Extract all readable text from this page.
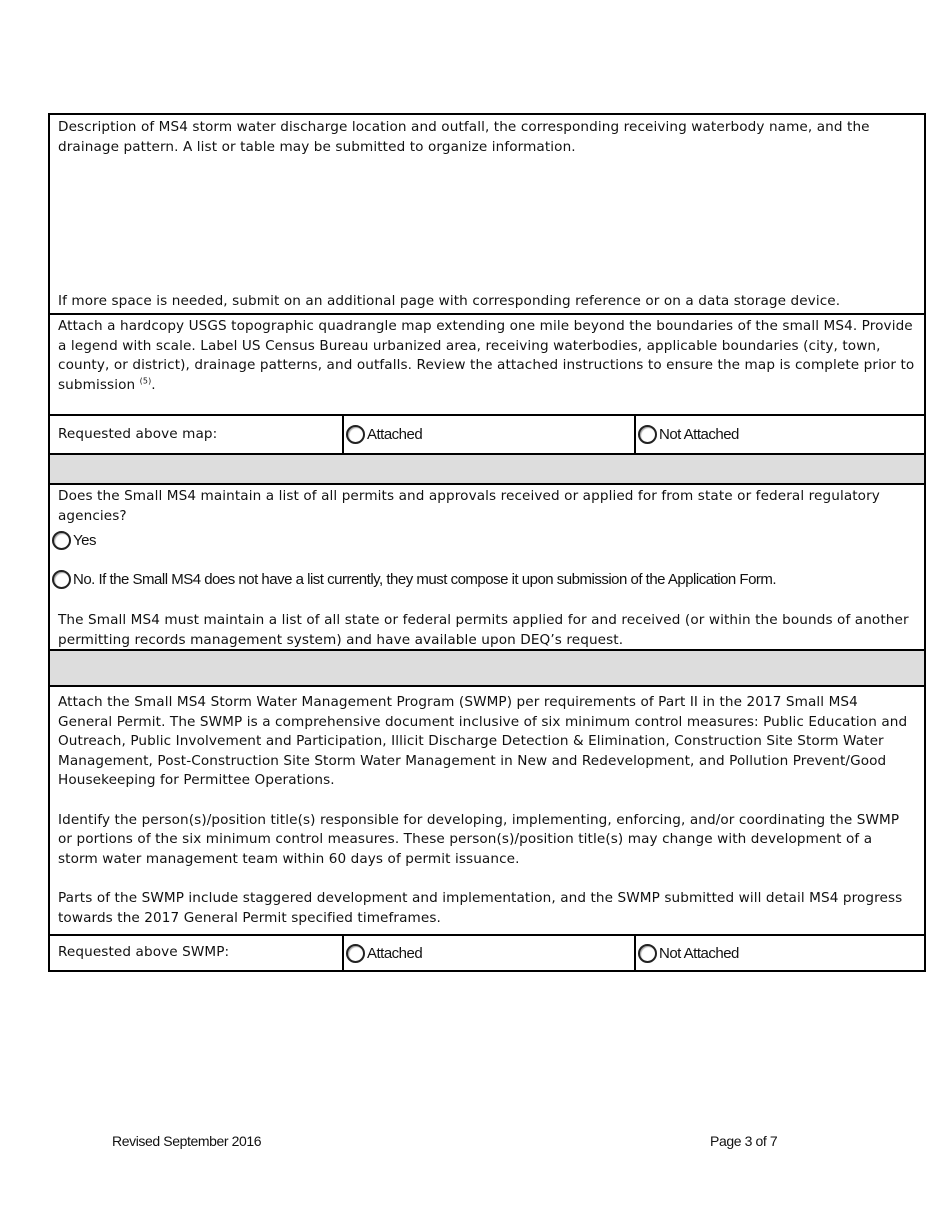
Description of MS4 storm water discharge location and outfall, the corresponding receiving waterbody name, and the drainage pattern. A list or table may be submitted to organize information.
If more space is needed, submit on an additional page with corresponding reference or on a data storage device.
Attach a hardcopy USGS topographic quadrangle map extending one mile beyond the boundaries of the small MS4. Provide a legend with scale. Label US Census Bureau urbanized area, receiving waterbodies, applicable boundaries (city, town, county, or district), drainage patterns, and outfalls. Review the attached instructions to ensure the map is complete prior to submission $^{(5)}$.
Requested above map:	Attached	Not Attached
Does the Small MS4 maintain a list of all permits and approvals received or applied for from state or federal regulatory agencies?
Yes
No. If the Small MS4 does not have a list currently, they must compose it upon submission of the Application Form.
The Small MS4 must maintain a list of all state or federal permits applied for and received (or within the bounds of another permitting records management system) and have available upon DEQ’s request.

Attach the Small MS4 Storm Water Management Program (SWMP) per requirements of Part II in the 2017 Small MS4 General Permit. The SWMP is a comprehensive document inclusive of six minimum control measures: Public Education and Outreach, Public Involvement and Participation, Illicit Discharge Detection & Elimination, Construction Site Storm Water Management, Post-Construction Site Storm Water Management in New and Redevelopment, and Pollution Prevent/Good Housekeeping for Permittee Operations.

Identify the person(s)/position title(s) responsible for developing, implementing, enforcing, and/or coordinating the SWMP or portions of the six minimum control measures. These person(s)/position title(s) may change with development of a storm water management team within 60 days of permit issuance.

Parts of the SWMP include staggered development and implementation, and the SWMP submitted will detail MS4 progress towards the 2017 General Permit specified timeframes.

Requested above SWMP:	Attached	Not Attached
Revised September 2016	Page 3 of 7
